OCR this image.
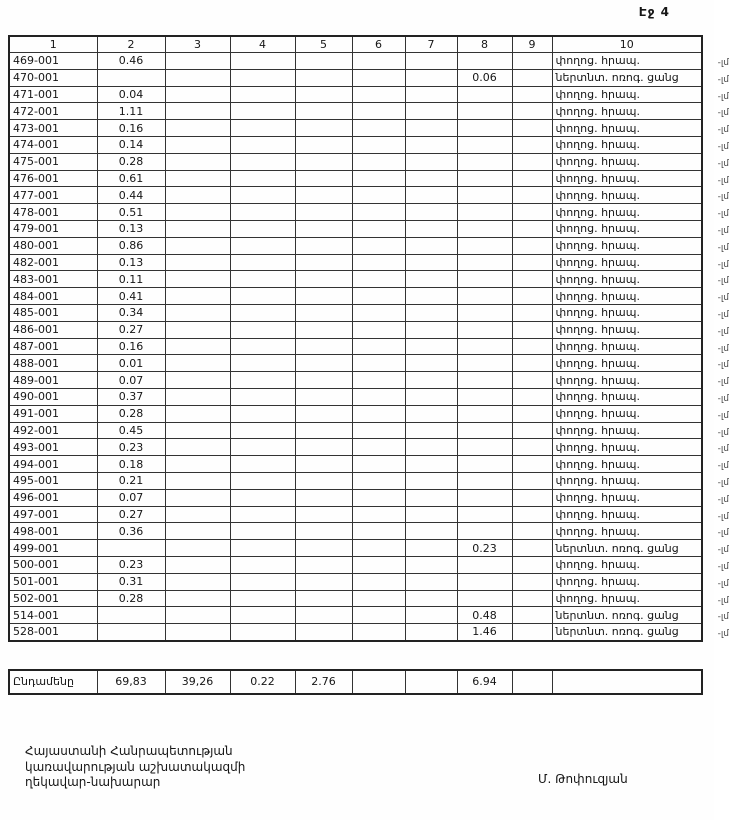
Էջ 4
1	2	3	4	5	6	7	8	9	10
469-001	0.46								փողոց. հրապ. -լմ

470-001							0.06		ներտնտ. ոռոգ. ցանց -լմ

471-001	0.04								փողոց. հրապ. -լմ

472-001	1.11								փողոց. հրապ. -լմ

473-001	0.16								փողոց. հրապ. -լմ

474-001	0.14								փողոց. հրապ. -լմ

475-001	0.28								փողոց. հրապ. -լմ

476-001	0.61								փողոց. հրապ. -լմ

477-001	0.44								փողոց. հրապ. -լմ

478-001	0.51								փողոց. հրապ. -լմ

479-001	0.13								փողոց. հրապ. -լմ

480-001	0.86								փողոց. հրապ. -լմ

482-001	0.13								փողոց. հրապ. -լմ

483-001	0.11								փողոց. հրապ. -լմ

484-001	0.41								փողոց. հրապ. -լմ

485-001	0.34								փողոց. հրապ. -լմ

486-001	0.27								փողոց. հրապ. -լմ

487-001	0.16								փողոց. հրապ. -լմ

488-001	0.01								փողոց. հրապ. -լմ

489-001	0.07								փողոց. հրապ. -լմ

490-001	0.37								փողոց. հրապ. -լմ

491-001	0.28								փողոց. հրապ. -լմ

492-001	0.45								փողոց. հրապ. -լմ

493-001	0.23								փողոց. հրապ. -լմ

494-001	0.18								փողոց. հրապ. -լմ

495-001	0.21								փողոց. հրապ. -լմ

496-001	0.07								փողոց. հրապ. -լմ

497-001	0.27								փողոց. հրապ. -լմ

498-001	0.36								փողոց. հրապ. -լմ

499-001							0.23		ներտնտ. ոռոգ. ցանց -լմ

500-001	0.23								փողոց. հրապ. -լմ

501-001	0.31								փողոց. հրապ. -լմ

502-001	0.28								փողոց. հրապ. -լմ

514-001							0.48		ներտնտ. ոռոգ. ցանց -լմ

528-001							1.46		ներտնտ. ոռոգ. ցանց -լմ
Ընդամենը	69,83	39,26	0.22	2.76			6.94		
Հայաստանի Հանրապետության
կառավարության աշխատակազմի
ղեկավար-նախարար	Մ. Թոփուզյան
